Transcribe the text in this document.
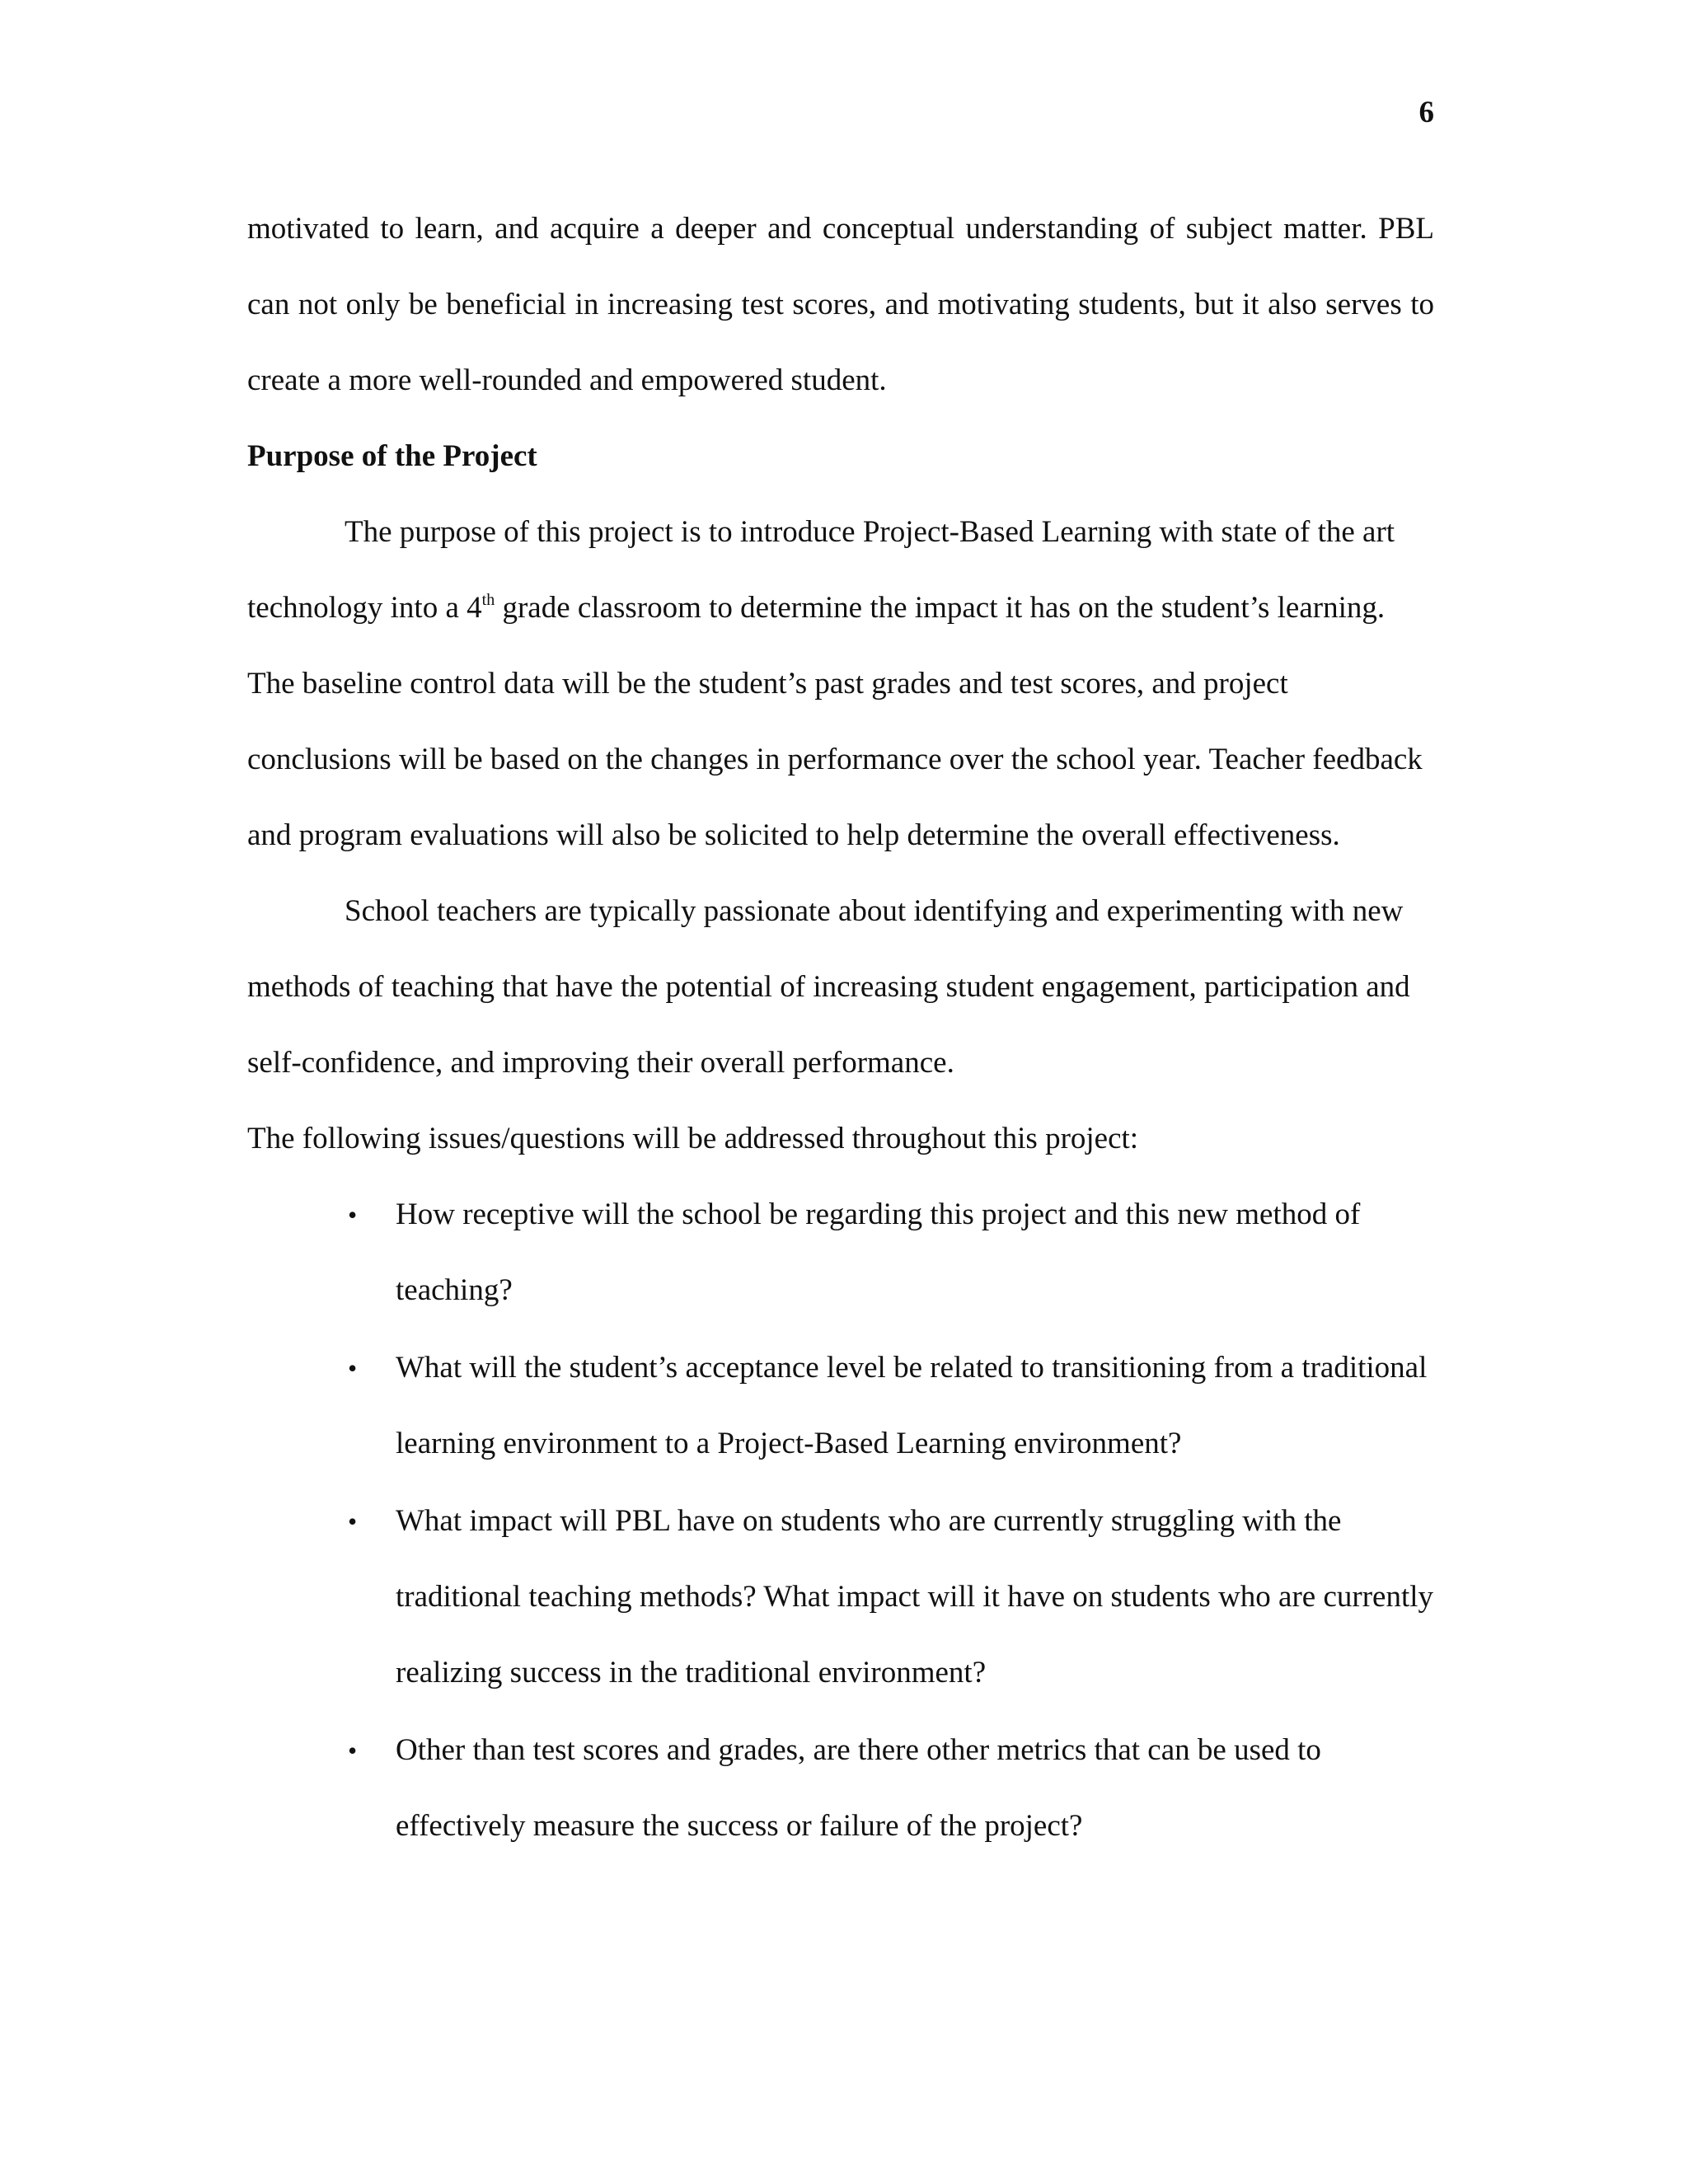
6

motivated to learn, and acquire a deeper and conceptual understanding of subject matter. PBL can not only be beneficial in increasing test scores, and motivating students, but it also serves to create a more well-rounded and empowered student.

Purpose of the Project

The purpose of this project is to introduce Project-Based Learning with state of the art technology into a 4th grade classroom to determine the impact it has on the student’s learning. The baseline control data will be the student’s past grades and test scores, and project conclusions will be based on the changes in performance over the school year. Teacher feedback and program evaluations will also be solicited to help determine the overall effectiveness.

School teachers are typically passionate about identifying and experimenting with new methods of teaching that have the potential of increasing student engagement, participation and self-confidence, and improving their overall performance.

The following issues/questions will be addressed throughout this project:

• How receptive will the school be regarding this project and this new method of teaching?
• What will the student’s acceptance level be related to transitioning from a traditional learning environment to a Project-Based Learning environment?
• What impact will PBL have on students who are currently struggling with the traditional teaching methods? What impact will it have on students who are currently realizing success in the traditional environment?
• Other than test scores and grades, are there other metrics that can be used to effectively measure the success or failure of the project?
